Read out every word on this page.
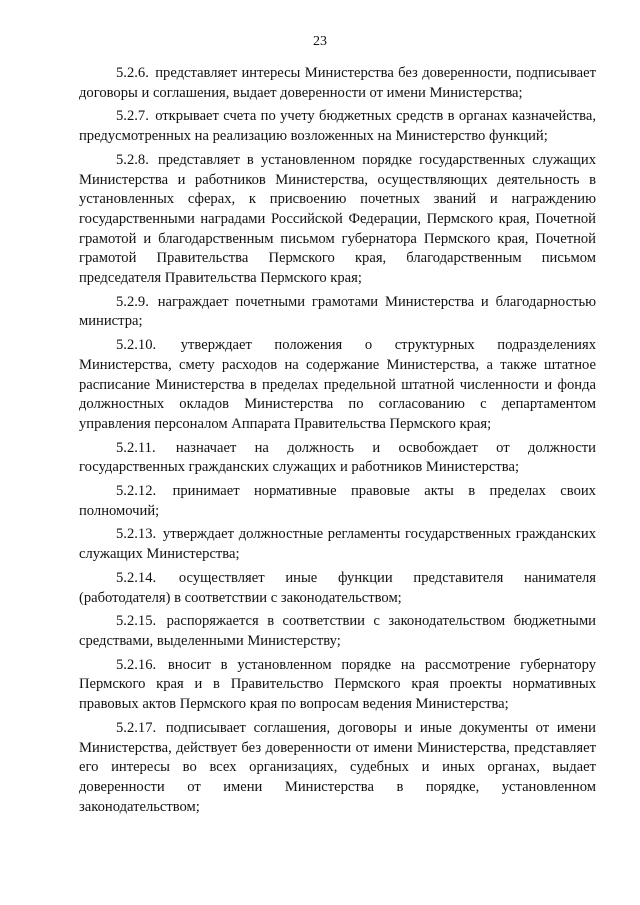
23

5.2.6. представляет интересы Министерства без доверенности, подписывает договоры и соглашения, выдает доверенности от имени Министерства;

5.2.7. открывает счета по учету бюджетных средств в органах казначейства, предусмотренных на реализацию возложенных на Министерство функций;

5.2.8. представляет в установленном порядке государственных служащих Министерства и работников Министерства, осуществляющих деятельность в установленных сферах, к присвоению почетных званий и награждению государственными наградами Российской Федерации, Пермского края, Почетной грамотой и благодарственным письмом губернатора Пермского края, Почетной грамотой Правительства Пермского края, благодарственным письмом председателя Правительства Пермского края;

5.2.9. награждает почетными грамотами Министерства и благодарностью министра;

5.2.10. утверждает положения о структурных подразделениях Министерства, смету расходов на содержание Министерства, а также штатное расписание Министерства в пределах предельной штатной численности и фонда должностных окладов Министерства по согласованию с департаментом управления персоналом Аппарата Правительства Пермского края;

5.2.11. назначает на должность и освобождает от должности государственных гражданских служащих и работников Министерства;

5.2.12. принимает нормативные правовые акты в пределах своих полномочий;

5.2.13. утверждает должностные регламенты государственных гражданских служащих Министерства;

5.2.14. осуществляет иные функции представителя нанимателя (работодателя) в соответствии с законодательством;

5.2.15. распоряжается в соответствии с законодательством бюджетными средствами, выделенными Министерству;

5.2.16. вносит в установленном порядке на рассмотрение губернатору Пермского края и в Правительство Пермского края проекты нормативных правовых актов Пермского края по вопросам ведения Министерства;

5.2.17. подписывает соглашения, договоры и иные документы от имени Министерства, действует без доверенности от имени Министерства, представляет его интересы во всех организациях, судебных и иных органах, выдает доверенности от имени Министерства в порядке, установленном законодательством;
